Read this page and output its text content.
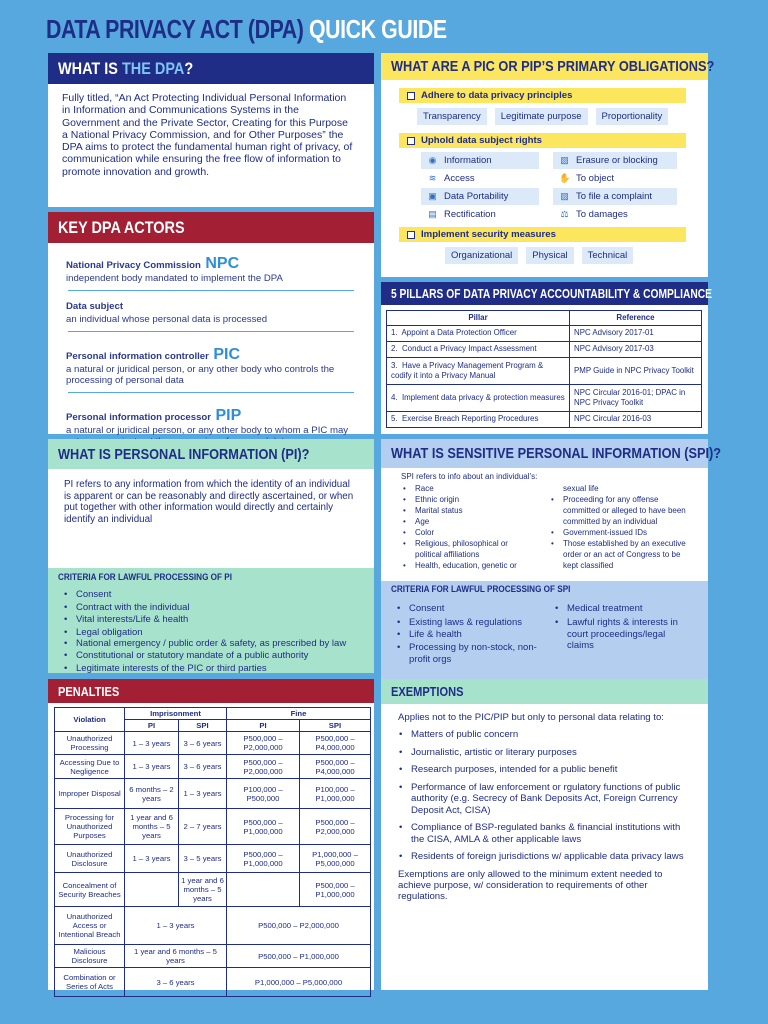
DATA PRIVACY ACT (DPA) QUICK GUIDE
WHAT IS THE DPA?
Fully titled, “An Act Protecting Individual Personal Information in Information and Communications Systems in the Government and the Private Sector, Creating for this Purpose a National Privacy Commission, and for Other Purposes” the DPA aims to protect the fundamental human right of privacy, of communication while ensuring the free flow of information to promote innovation and growth.
KEY DPA ACTORS
National Privacy Commission NPC
independent body mandated to implement the DPA
Data subject
an individual whose personal data is processed
Personal information controller PIC
a natural or juridical person, or any other body who controls the processing of personal data
Personal information processor PIP
a natural or juridical person, or any other body to whom a PIC may
WHAT ARE A PIC OR PIP’S PRIMARY OBLIGATIONS?
Adhere to data privacy principles
Transparency	Legitimate purpose	Proportionality
Uphold data subject rights
◉ Information
≋ Access
▣ Data Portability
▤ Rectification
▧ Erasure or blocking
✋ To object
▨ To file a complaint
⚖ To damages
Implement security measures
Organizational	Physical	Technical
5 PILLARS OF DATA PRIVACY ACCOUNTABILITY & COMPLIANCE
Pillar	Reference
1. Appoint a Data Protection Officer	NPC Advisory 2017-01
2. Conduct a Privacy Impact Assessment	NPC Advisory 2017-03
3. Have a Privacy Management Program & codify it into a Privacy Manual	PMP Guide in NPC Privacy Toolkit
4. Implement data privacy & protection measures	NPC Circular 2016-01; DPAC in NPC Privacy Toolkit
5. Exercise Breach Reporting Procedures	NPC Circular 2016-03
WHAT IS PERSONAL INFORMATION (PI)?
PI refers to any information from which the identity of an individual is apparent or can be reasonably and directly ascertained, or when put together with other information would directly and certainly identify an individual
CRITERIA FOR LAWFUL PROCESSING OF PI
• Consent
• Contract with the individual
• Vital interests/Life & health
• Legal obligation
• National emergency / public order & safety, as prescribed by law
• Constitutional or statutory mandate of a public authority
• Legitimate interests of the PIC or third parties
WHAT IS SENSITIVE PERSONAL INFORMATION (SPI)?
SPI refers to info about an individual’s:
• Race
• Ethnic origin
• Marital status
• Age
• Color
• Religious, philosophical or political affiliations
• Health, education, genetic or
sexual life
• Proceeding for any offense committed or alleged to have been committed by an individual
• Government-issued IDs
• Those established by an executive order or an act of Congress to be kept classified
CRITERIA FOR LAWFUL PROCESSING OF SPI
• Consent
• Existing laws & regulations
• Life & health
• Processing by non-stock, non-profit orgs
• Medical treatment
• Lawful rights & interests in court proceedings/legal claims
PENALTIES
Violation	Imprisonment		Fine	
	PI	SPI	PI	SPI
Unauthorized Processing	1 – 3 years	3 – 6 years	P500,000 – P2,000,000	P500,000 – P4,000,000
Accessing Due to Negligence	1 – 3 years	3 – 6 years	P500,000 – P2,000,000	P500,000 – P4,000,000
Improper Disposal	6 months – 2 years	1 – 3 years	P100,000 – P500,000	P100,000 – P1,000,000
Processing for Unauthorized Purposes	1 year and 6 months – 5 years	2 – 7 years	P500,000 – P1,000,000	P500,000 – P2,000,000
Unauthorized Disclosure	1 – 3 years	3 – 5 years	P500,000 – P1,000,000	P1,000,000 – P5,000,000
Concealment of Security Breaches		1 year and 6 months – 5 years		P500,000 – P1,000,000
Unauthorized Access or Intentional Breach	1 – 3 years		P500,000 – P2,000,000	
Malicious Disclosure	1 year and 6 months – 5 years		P500,000 – P1,000,000	
Combination or Series of Acts	3 – 6 years		P1,000,000 – P5,000,000	
EXEMPTIONS
Applies not to the PIC/PIP but only to personal data relating to:
• Matters of public concern
• Journalistic, artistic or literary purposes
• Research purposes, intended for a public benefit
• Performance of law enforcement or rgulatory functions of public authority (e.g. Secrecy of Bank Deposits Act, Foreign Currency Deposit Act, CISA)
• Compliance of BSP-regulated banks & financial institutions with the CISA, AMLA & other applicable laws
• Residents of foreign jurisdictions w/ applicable data privacy laws
Exemptions are only allowed to the minimum extent needed to achieve purpose, w/ consideration to requirements of other regulations.
